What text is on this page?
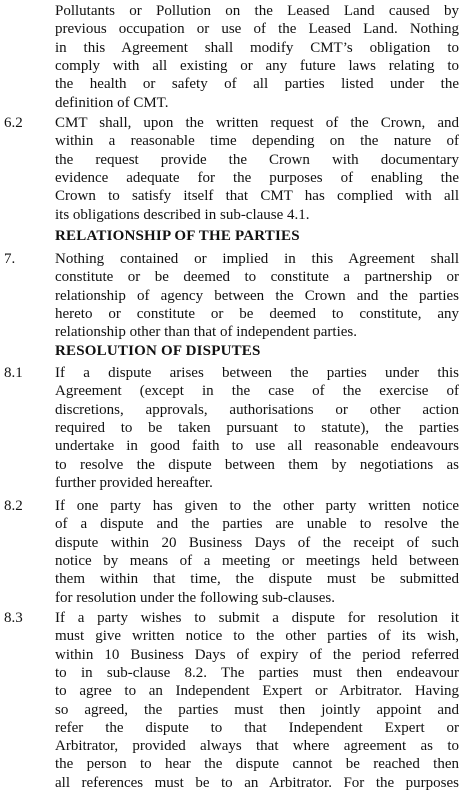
Pollutants or Pollution on the Leased Land caused by
previous occupation or use of the Leased Land. Nothing
in this Agreement shall modify CMT’s obligation to
comply with all existing or any future laws relating to
the health or safety of all parties listed under the
definition of CMT.
6.2 CMT shall, upon the written request of the Crown, and
within a reasonable time depending on the nature of
the request provide the Crown with documentary
evidence adequate for the purposes of enabling the
Crown to satisfy itself that CMT has complied with all
its obligations described in sub-clause 4.1.
RELATIONSHIP OF THE PARTIES
7.	Nothing contained or implied in this Agreement shall
constitute or be deemed to constitute a partnership or
relationship of agency between the Crown and the parties
hereto or constitute or be deemed to constitute, any
relationship other than that of independent parties.
RESOLUTION OF DISPUTES
8.1 If a dispute arises between the parties under this
Agreement (except in the case of the exercise of
discretions, approvals, authorisations or other action
required to be taken pursuant to statute), the parties
undertake in good faith to use all reasonable endeavours
to resolve the dispute between them by negotiations as
further provided hereafter.
8.2 If one party has given to the other party written notice
of a dispute and the parties are unable to resolve the
dispute within 20 Business Days of the receipt of such
notice by means of a meeting or meetings held between
them within that time, the dispute must be submitted
for resolution under the following sub-clauses.
8.3 If a party wishes to submit a dispute for resolution it
must give written notice to the other parties of its wish,
within 10 Business Days of expiry of the period referred
to in sub-clause 8.2. The parties must then endeavour
to agree to an Independent Expert or Arbitrator. Having
so agreed, the parties must then jointly appoint and
refer the dispute to that Independent Expert or
Arbitrator, provided always that where agreement as to
the person to hear the dispute cannot be reached then
all references must be to an Arbitrator. For the purposes
